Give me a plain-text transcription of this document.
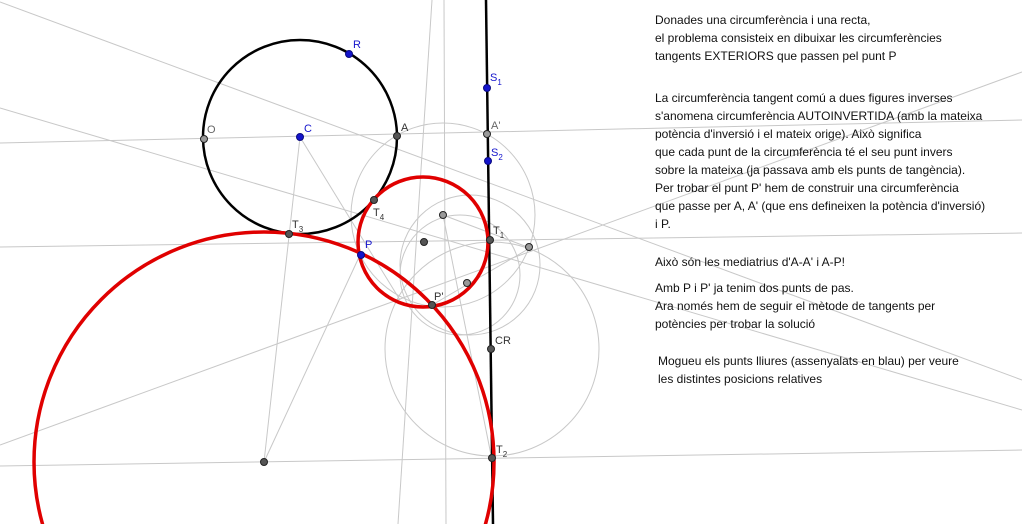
O	C	A	A'
R
$S_1$
$S_2$
$T_4$
$T_3$	$T_1$
$T_2$
P
P'
CR
Donades una circumferència i una recta,
el problema consisteix en dibuixar les circumferències
tangents EXTERIORS que passen pel punt P
La circumferència tangent comú a dues figures inverses
s'anomena circumferència AUTOINVERTIDA (amb la mateixa
potència d'inversió i el mateix orige). Això significa
que cada punt de la circumferència té el seu punt invers
sobre la mateixa (ja passava amb els punts de tangència).
Per trobar el punt P' hem de construir una circumferència
que passe per A, A' (que ens defineixen la potència d'inversió)
i P.
Això són les mediatrius d'A-A' i A-P!
Amb P i P' ja tenim dos punts de pas.
Ara només hem de seguir el mètode de tangents per
potències per trobar la solució
Mogueu els punts lliures (assenyalats en blau) per veure
les distintes posicions relatives
